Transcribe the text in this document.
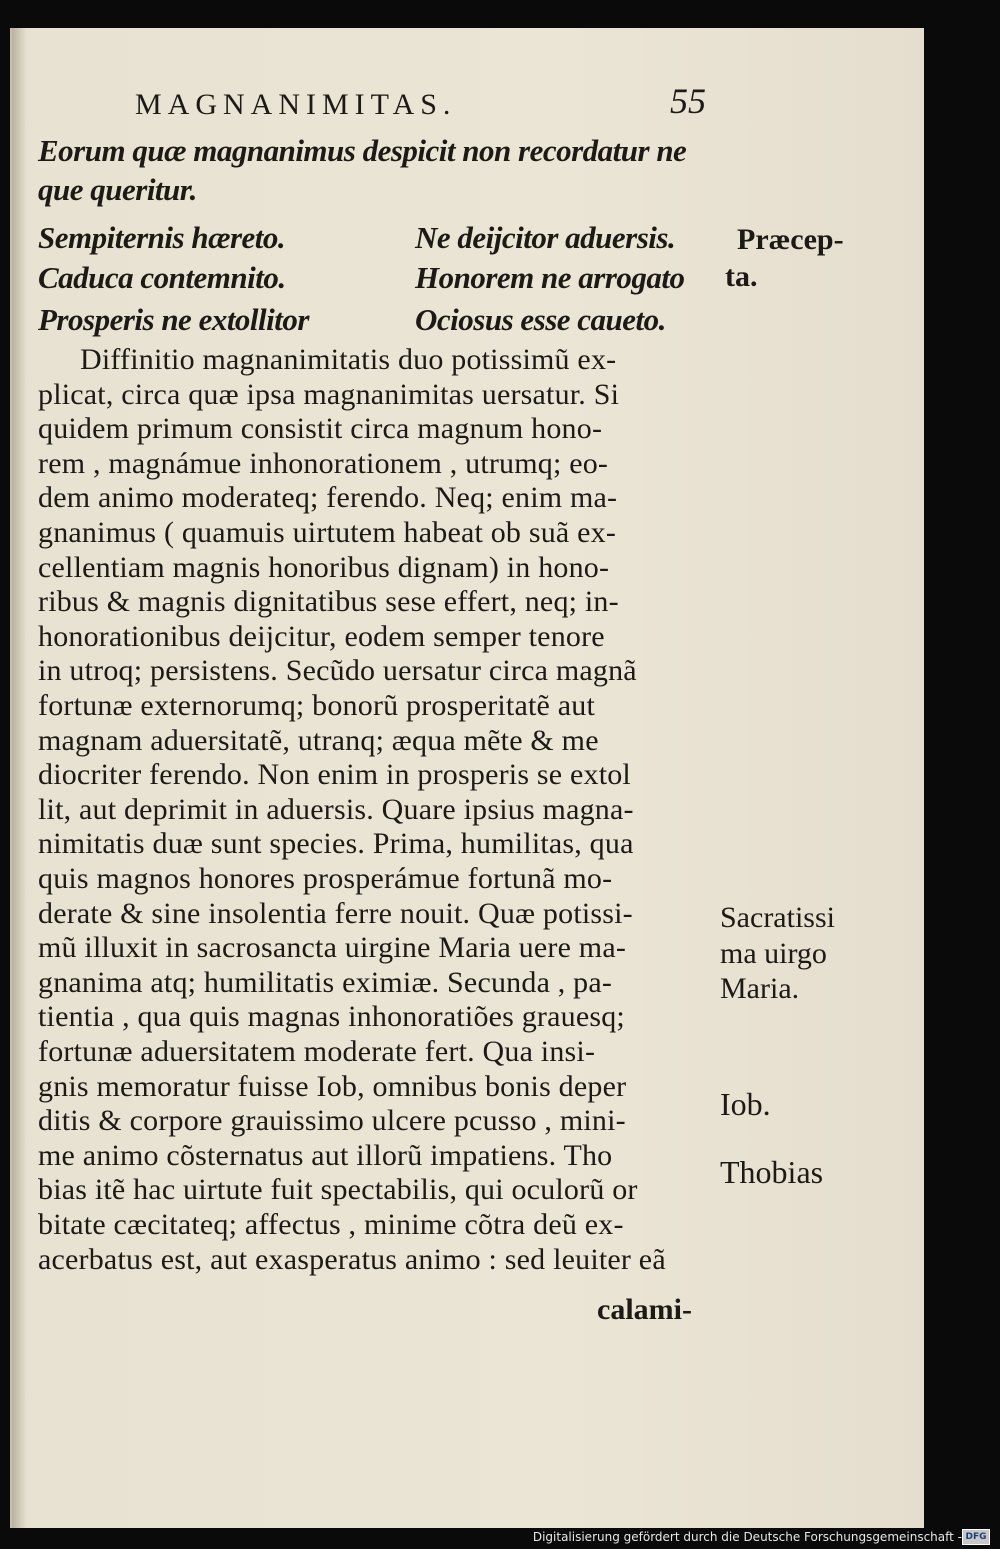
MAGNANIMITAS.	55
Eorum quæ magnanimus despicit non recordatur ne
que queritur.
Sempiternis hæreto.
Caduca contemnito.
Prosperis ne extollitor
Ne deijcitor aduersis.
Honorem ne arrogato
Ociosus esse caueto.
Præcep-
ta.
Diffinitio magnanimitatis duo potissimũ ex-
plicat, circa quæ ipsa magnanimitas uersatur. Si
quidem primum consistit circa magnum hono-
rem , magnámue inhonorationem , utrumq; eo-
dem animo moderateq; ferendo. Neq; enim ma-
gnanimus ( quamuis uirtutem habeat ob suã ex-
cellentiam magnis honoribus dignam) in hono-
ribus & magnis dignitatibus sese effert, neq; in-
honorationibus deijcitur, eodem semper tenore
in utroq; persistens. Secũdo uersatur circa magnã
fortunæ externorumq; bonorũ prosperitatẽ aut
magnam aduersitatẽ, utranq; æqua mẽte & me
diocriter ferendo. Non enim in prosperis se extol
lit, aut deprimit in aduersis. Quare ipsius magna-
nimitatis duæ sunt species. Prima, humilitas, qua
quis magnos honores prosperámue fortunã mo-
derate & sine insolentia ferre nouit. Quæ potissi-
mũ illuxit in sacrosancta uirgine Maria uere ma-
gnanima atq; humilitatis eximiæ. Secunda , pa-
tientia , qua quis magnas inhonoratiões grauesq;
fortunæ aduersitatem moderate fert. Qua insi-
gnis memoratur fuisse Iob, omnibus bonis deper
ditis & corpore grauissimo ulcere pcusso , mini-
me animo cõsternatus aut illorũ impatiens. Tho
bias itẽ hac uirtute fuit spectabilis, qui oculorũ or
bitate cæcitateq; affectus , minime cõtra deũ ex-
acerbatus est, aut exasperatus animo : sed leuiter eã
calami-
Sacratissi
ma uirgo
Maria.
Iob.
Thobias
Digitalisierung gefördert durch die Deutsche Forschungsgemeinschaft - DFG
